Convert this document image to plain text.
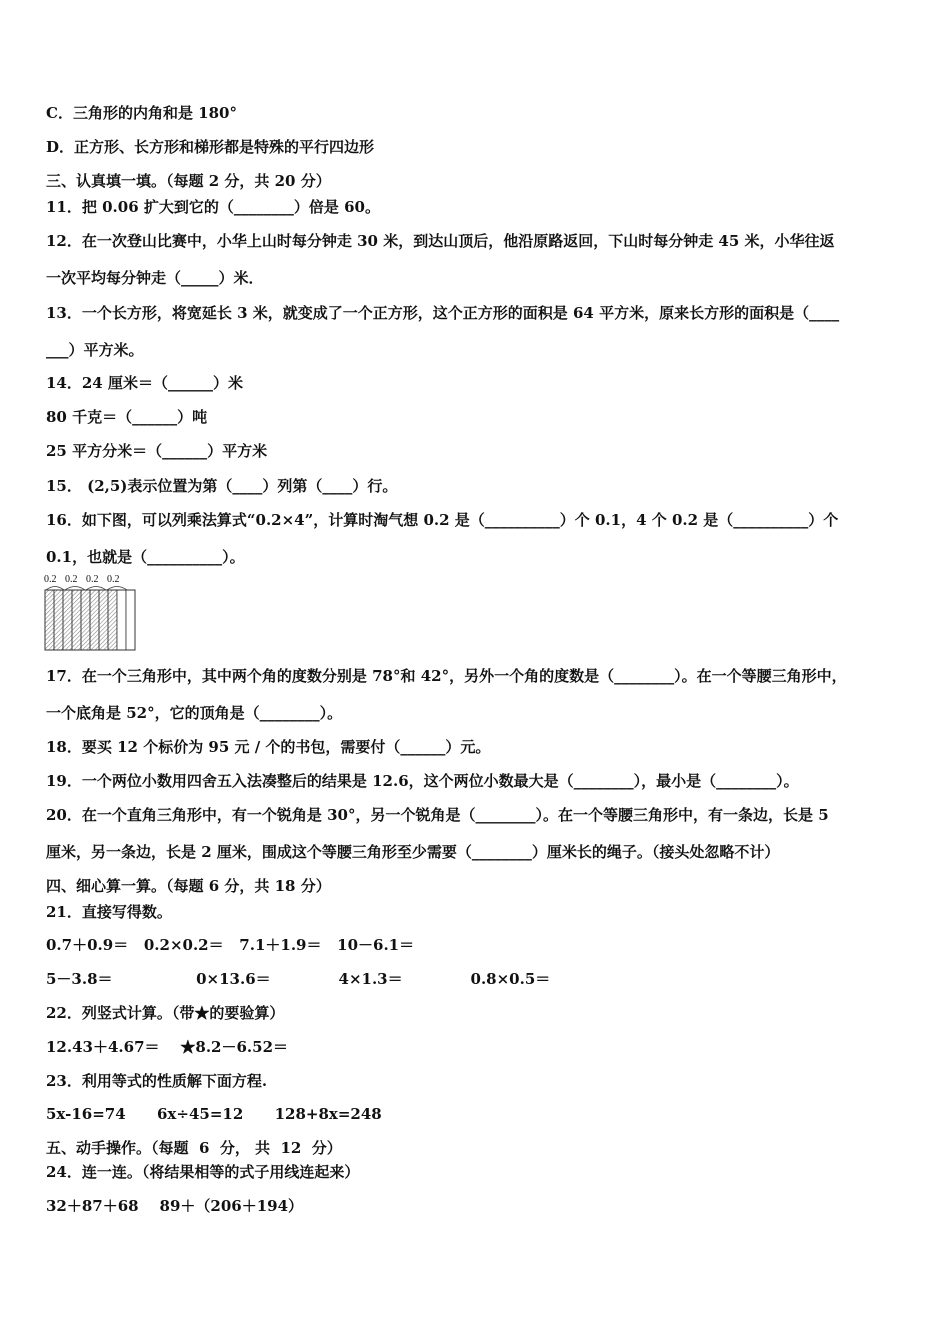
C．三角形的内角和是 180°
D．正方形、长方形和梯形都是特殊的平行四边形
三、认真填一填。（每题 2 分，共 20 分）
11．把 0.06 扩大到它的（________）倍是 60。
12．在一次登山比赛中，小华上山时每分钟走 30 米，到达山顶后，他沿原路返回，下山时每分钟走 45 米，小华往返
一次平均每分钟走（_____）米．
13．一个长方形，将宽延长 3 米，就变成了一个正方形，这个正方形的面积是 64 平方米，原来长方形的面积是（____
___）平方米。
14．24 厘米＝（______）米
80 千克＝（______）吨
25 平方分米＝（______）平方米
15． (2,5)表示位置为第（____）列第（____）行。
16．如下图，可以列乘法算式“0.2×4”，计算时淘气想 0.2 是（__________）个 0.1，4 个 0.2 是（__________）个
0.1，也就是（__________）。
0.2 0.2 0.2 0.2
17．在一个三角形中，其中两个角的度数分别是 78°和 42°，另外一个角的度数是（________）。在一个等腰三角形中，
一个底角是 52°，它的顶角是（________）。
18．要买 12 个标价为 95 元 / 个的书包，需要付（______）元。
19．一个两位小数用四舍五入法凑整后的结果是 12.6，这个两位小数最大是（________），最小是（________）。
20．在一个直角三角形中，有一个锐角是 30°，另一个锐角是（________）。在一个等腰三角形中，有一条边，长是 5
厘米，另一条边，长是 2 厘米，围成这个等腰三角形至少需要（________）厘米长的绳子。（接头处忽略不计）
四、细心算一算。（每题 6 分，共 18 分）
21．直接写得数。
0.7＋0.9＝   0.2×0.2＝   7.1＋1.9＝   10－6.1＝
5－3.8＝                0×13.6＝             4×1.3＝             0.8×0.5＝
22．列竖式计算。（带★的要验算）
12.43＋4.67＝    ★8.2－6.52＝
23．利用等式的性质解下面方程.
5x-16=74      6x÷45=12      128+8x=248
五、动手操作。（每题  6  分， 共  12  分）
24．连一连。（将结果相等的式子用线连起来）
32＋87＋68    89＋（206＋194）
